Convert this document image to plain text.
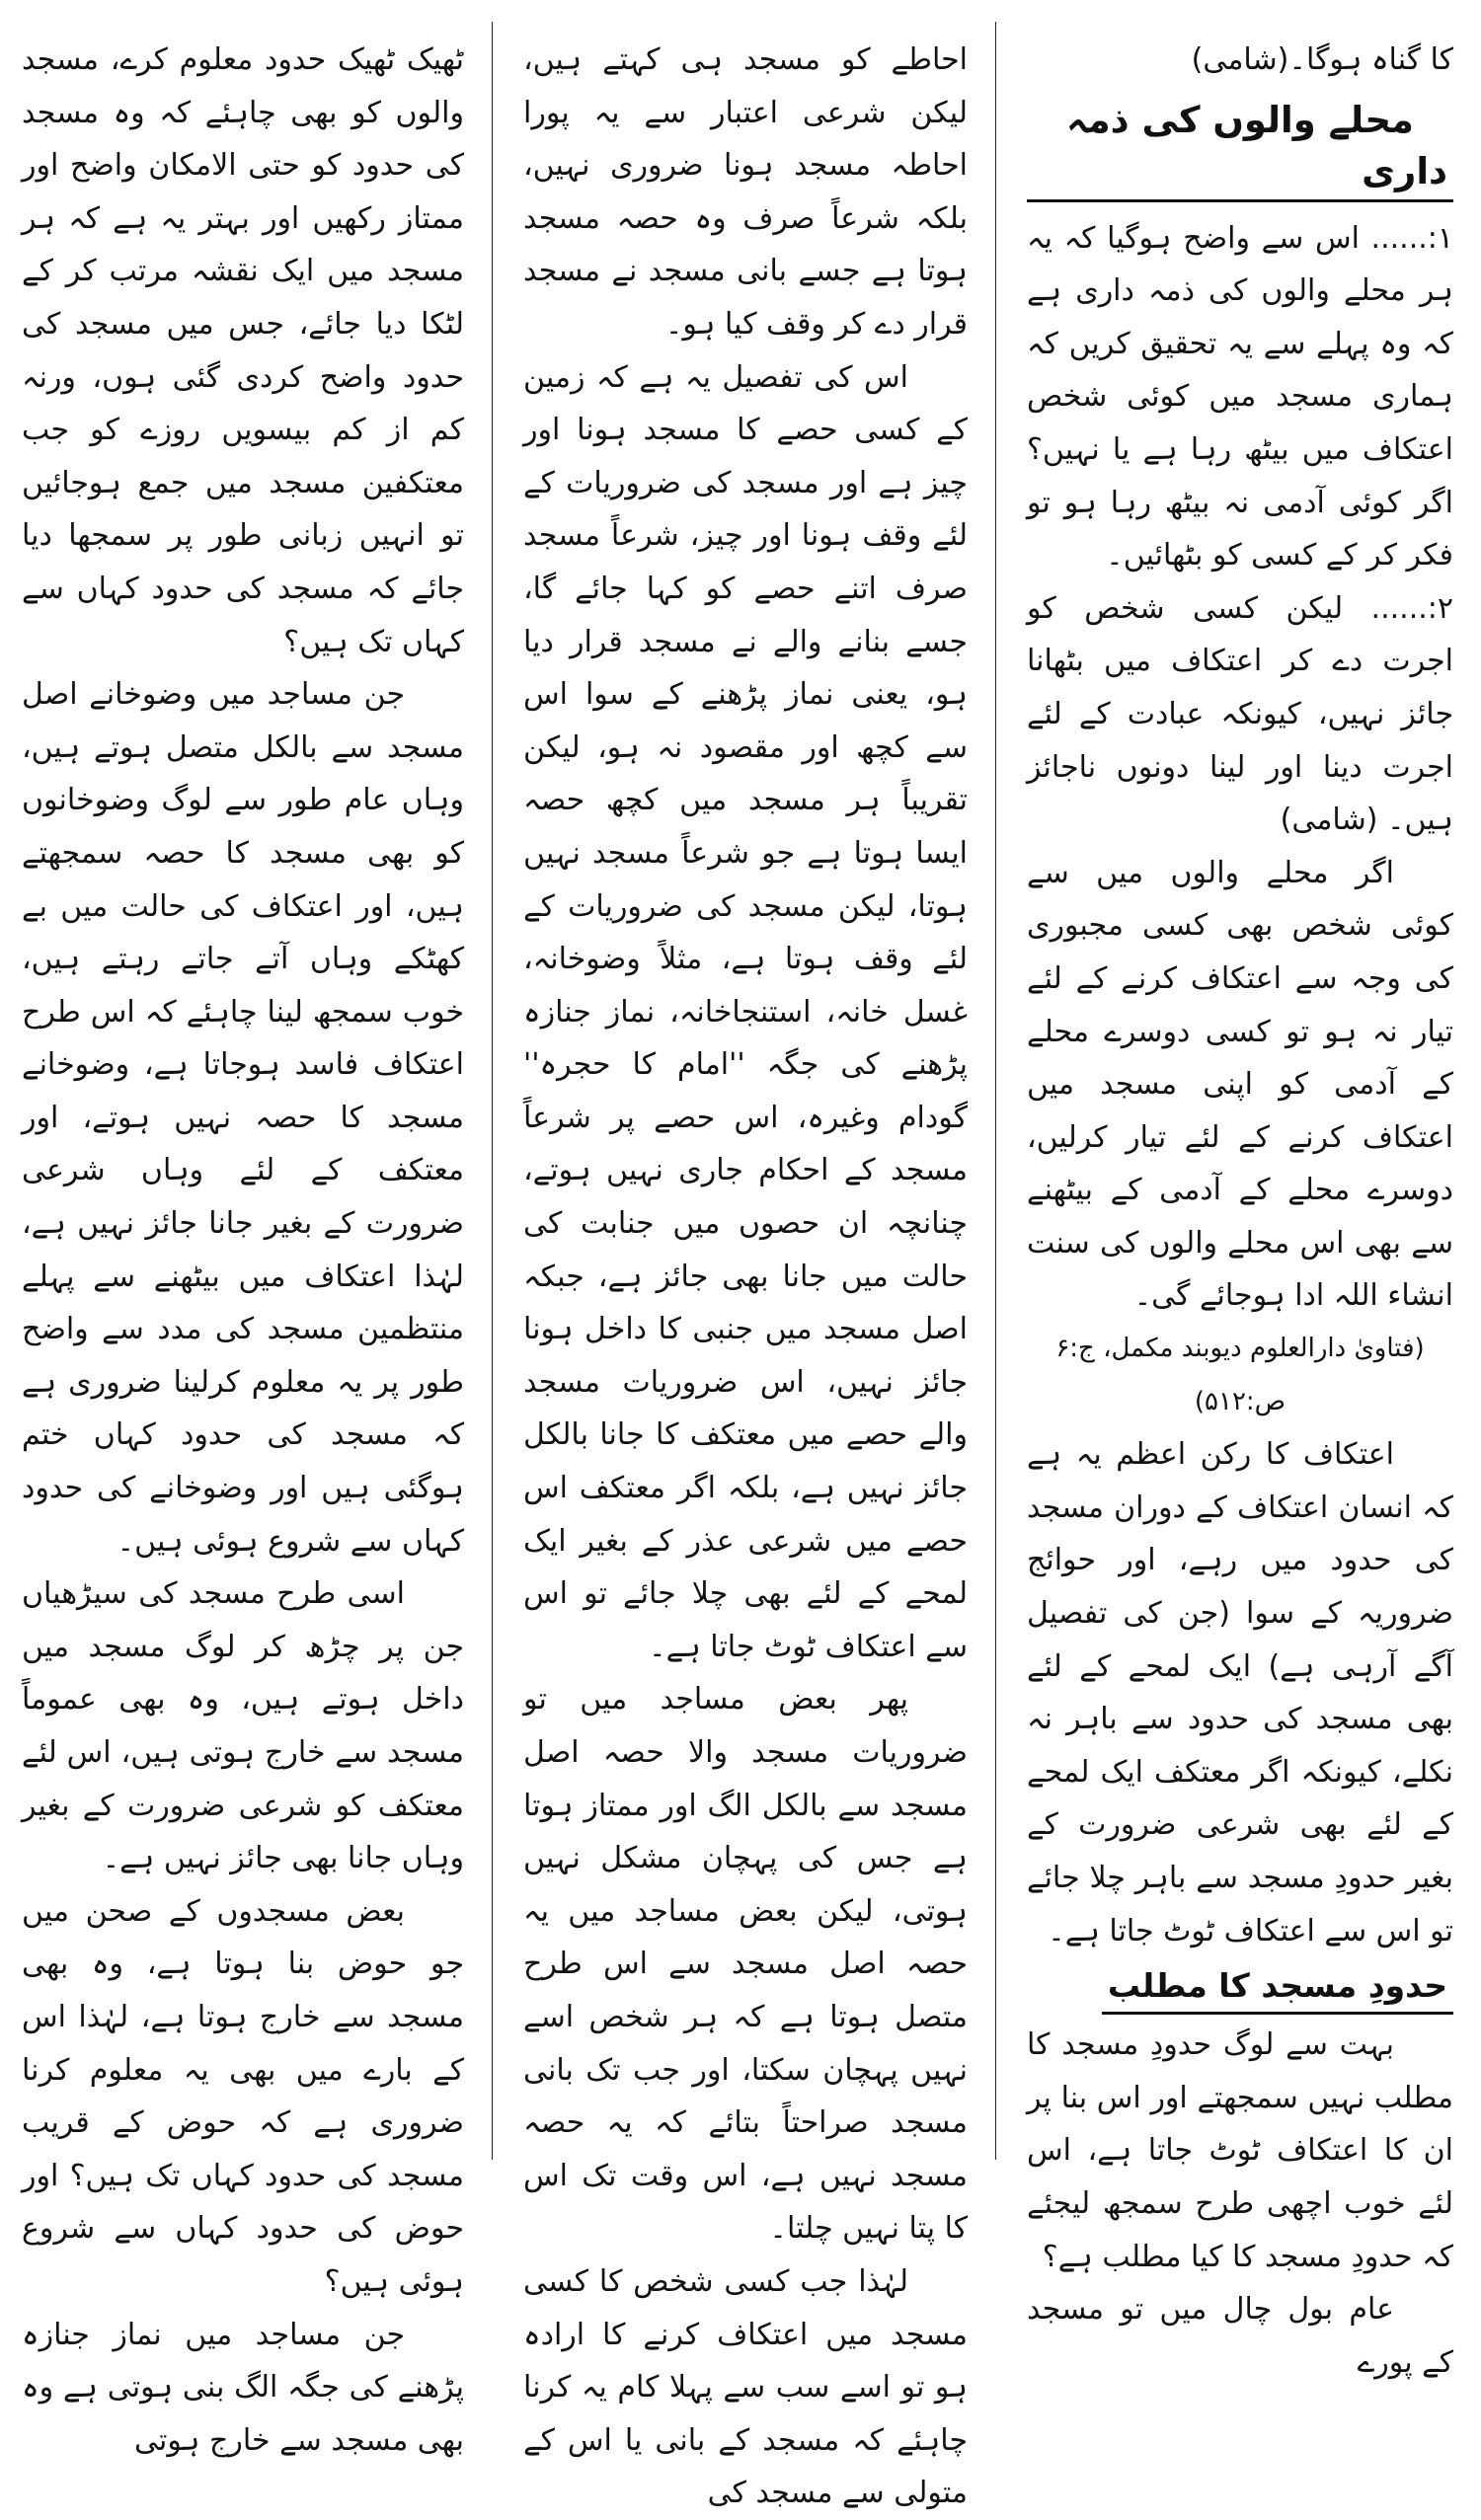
کا گناہ ہوگا۔(شامی)

محلے والوں کی ذمہ داری

۱:...... اس سے واضح ہوگیا کہ یہ ہر محلے والوں کی ذمہ داری ہے کہ وہ پہلے سے یہ تحقیق کریں کہ ہماری مسجد میں کوئی شخص اعتکاف میں بیٹھ رہا ہے یا نہیں؟ اگر کوئی آدمی نہ بیٹھ رہا ہو تو فکر کر کے کسی کو بٹھائیں۔

۲:...... لیکن کسی شخص کو اجرت دے کر اعتکاف میں بٹھانا جائز نہیں، کیونکہ عبادت کے لئے اجرت دینا اور لینا دونوں ناجائز ہیں۔ (شامی)

اگر محلے والوں میں سے کوئی شخص بھی کسی مجبوری کی وجہ سے اعتکاف کرنے کے لئے تیار نہ ہو تو کسی دوسرے محلے کے آدمی کو اپنی مسجد میں اعتکاف کرنے کے لئے تیار کرلیں، دوسرے محلے کے آدمی کے بیٹھنے سے بھی اس محلے والوں کی سنت انشاء اللہ ادا ہوجائے گی۔

(فتاویٰ دارالعلوم دیوبند مکمل، ج:۶ ص:۵۱۲)

اعتکاف کا رکن اعظم یہ ہے کہ انسان اعتکاف کے دوران مسجد کی حدود میں رہے، اور حوائج ضروریہ کے سوا (جن کی تفصیل آگے آرہی ہے) ایک لمحے کے لئے بھی مسجد کی حدود سے باہر نہ نکلے، کیونکہ اگر معتکف ایک لمحے کے لئے بھی شرعی ضرورت کے بغیر حدودِ مسجد سے باہر چلا جائے تو اس سے اعتکاف ٹوٹ جاتا ہے۔

حدودِ مسجد کا مطلب

بہت سے لوگ حدودِ مسجد کا مطلب نہیں سمجھتے اور اس بنا پر ان کا اعتکاف ٹوٹ جاتا ہے، اس لئے خوب اچھی طرح سمجھ لیجئے کہ حدودِ مسجد کا کیا مطلب ہے؟

عام بول چال میں تو مسجد کے پورے

احاطے کو مسجد ہی کہتے ہیں، لیکن شرعی اعتبار سے یہ پورا احاطہ مسجد ہونا ضروری نہیں، بلکہ شرعاً صرف وہ حصہ مسجد ہوتا ہے جسے بانی مسجد نے مسجد قرار دے کر وقف کیا ہو۔

اس کی تفصیل یہ ہے کہ زمین کے کسی حصے کا مسجد ہونا اور چیز ہے اور مسجد کی ضروریات کے لئے وقف ہونا اور چیز، شرعاً مسجد صرف اتنے حصے کو کہا جائے گا، جسے بنانے والے نے مسجد قرار دیا ہو، یعنی نماز پڑھنے کے سوا اس سے کچھ اور مقصود نہ ہو، لیکن تقریباً ہر مسجد میں کچھ حصہ ایسا ہوتا ہے جو شرعاً مسجد نہیں ہوتا، لیکن مسجد کی ضروریات کے لئے وقف ہوتا ہے، مثلاً وضوخانہ، غسل خانہ، استنجاخانہ، نماز جنازہ پڑھنے کی جگہ ''امام کا حجرہ'' گودام وغیرہ، اس حصے پر شرعاً مسجد کے احکام جاری نہیں ہوتے، چنانچہ ان حصوں میں جنابت کی حالت میں جانا بھی جائز ہے، جبکہ اصل مسجد میں جنبی کا داخل ہونا جائز نہیں، اس ضروریات مسجد والے حصے میں معتکف کا جانا بالکل جائز نہیں ہے، بلکہ اگر معتکف اس حصے میں شرعی عذر کے بغیر ایک لمحے کے لئے بھی چلا جائے تو اس سے اعتکاف ٹوٹ جاتا ہے۔

پھر بعض مساجد میں تو ضروریات مسجد والا حصہ اصل مسجد سے بالکل الگ اور ممتاز ہوتا ہے جس کی پہچان مشکل نہیں ہوتی، لیکن بعض مساجد میں یہ حصہ اصل مسجد سے اس طرح متصل ہوتا ہے کہ ہر شخص اسے نہیں پہچان سکتا، اور جب تک بانی مسجد صراحتاً بتائے کہ یہ حصہ مسجد نہیں ہے، اس وقت تک اس کا پتا نہیں چلتا۔

لہٰذا جب کسی شخص کا کسی مسجد میں اعتکاف کرنے کا ارادہ ہو تو اسے سب سے پہلا کام یہ کرنا چاہئے کہ مسجد کے بانی یا اس کے متولی سے مسجد کی

ٹھیک ٹھیک حدود معلوم کرے، مسجد والوں کو بھی چاہئے کہ وہ مسجد کی حدود کو حتی الامکان واضح اور ممتاز رکھیں اور بہتر یہ ہے کہ ہر مسجد میں ایک نقشہ مرتب کر کے لٹکا دیا جائے، جس میں مسجد کی حدود واضح کردی گئی ہوں، ورنہ کم از کم بیسویں روزے کو جب معتکفین مسجد میں جمع ہوجائیں تو انہیں زبانی طور پر سمجھا دیا جائے کہ مسجد کی حدود کہاں سے کہاں تک ہیں؟

جن مساجد میں وضوخانے اصل مسجد سے بالکل متصل ہوتے ہیں، وہاں عام طور سے لوگ وضوخانوں کو بھی مسجد کا حصہ سمجھتے ہیں، اور اعتکاف کی حالت میں بے کھٹکے وہاں آتے جاتے رہتے ہیں، خوب سمجھ لینا چاہئے کہ اس طرح اعتکاف فاسد ہوجاتا ہے، وضوخانے مسجد کا حصہ نہیں ہوتے، اور معتکف کے لئے وہاں شرعی ضرورت کے بغیر جانا جائز نہیں ہے، لہٰذا اعتکاف میں بیٹھنے سے پہلے منتظمین مسجد کی مدد سے واضح طور پر یہ معلوم کرلینا ضروری ہے کہ مسجد کی حدود کہاں ختم ہوگئی ہیں اور وضوخانے کی حدود کہاں سے شروع ہوئی ہیں۔

اسی طرح مسجد کی سیڑھیاں جن پر چڑھ کر لوگ مسجد میں داخل ہوتے ہیں، وہ بھی عموماً مسجد سے خارج ہوتی ہیں، اس لئے معتکف کو شرعی ضرورت کے بغیر وہاں جانا بھی جائز نہیں ہے۔

بعض مسجدوں کے صحن میں جو حوض بنا ہوتا ہے، وہ بھی مسجد سے خارج ہوتا ہے، لہٰذا اس کے بارے میں بھی یہ معلوم کرنا ضروری ہے کہ حوض کے قریب مسجد کی حدود کہاں تک ہیں؟ اور حوض کی حدود کہاں سے شروع ہوئی ہیں؟

جن مساجد میں نماز جنازہ پڑھنے کی جگہ الگ بنی ہوتی ہے وہ بھی مسجد سے خارج ہوتی
